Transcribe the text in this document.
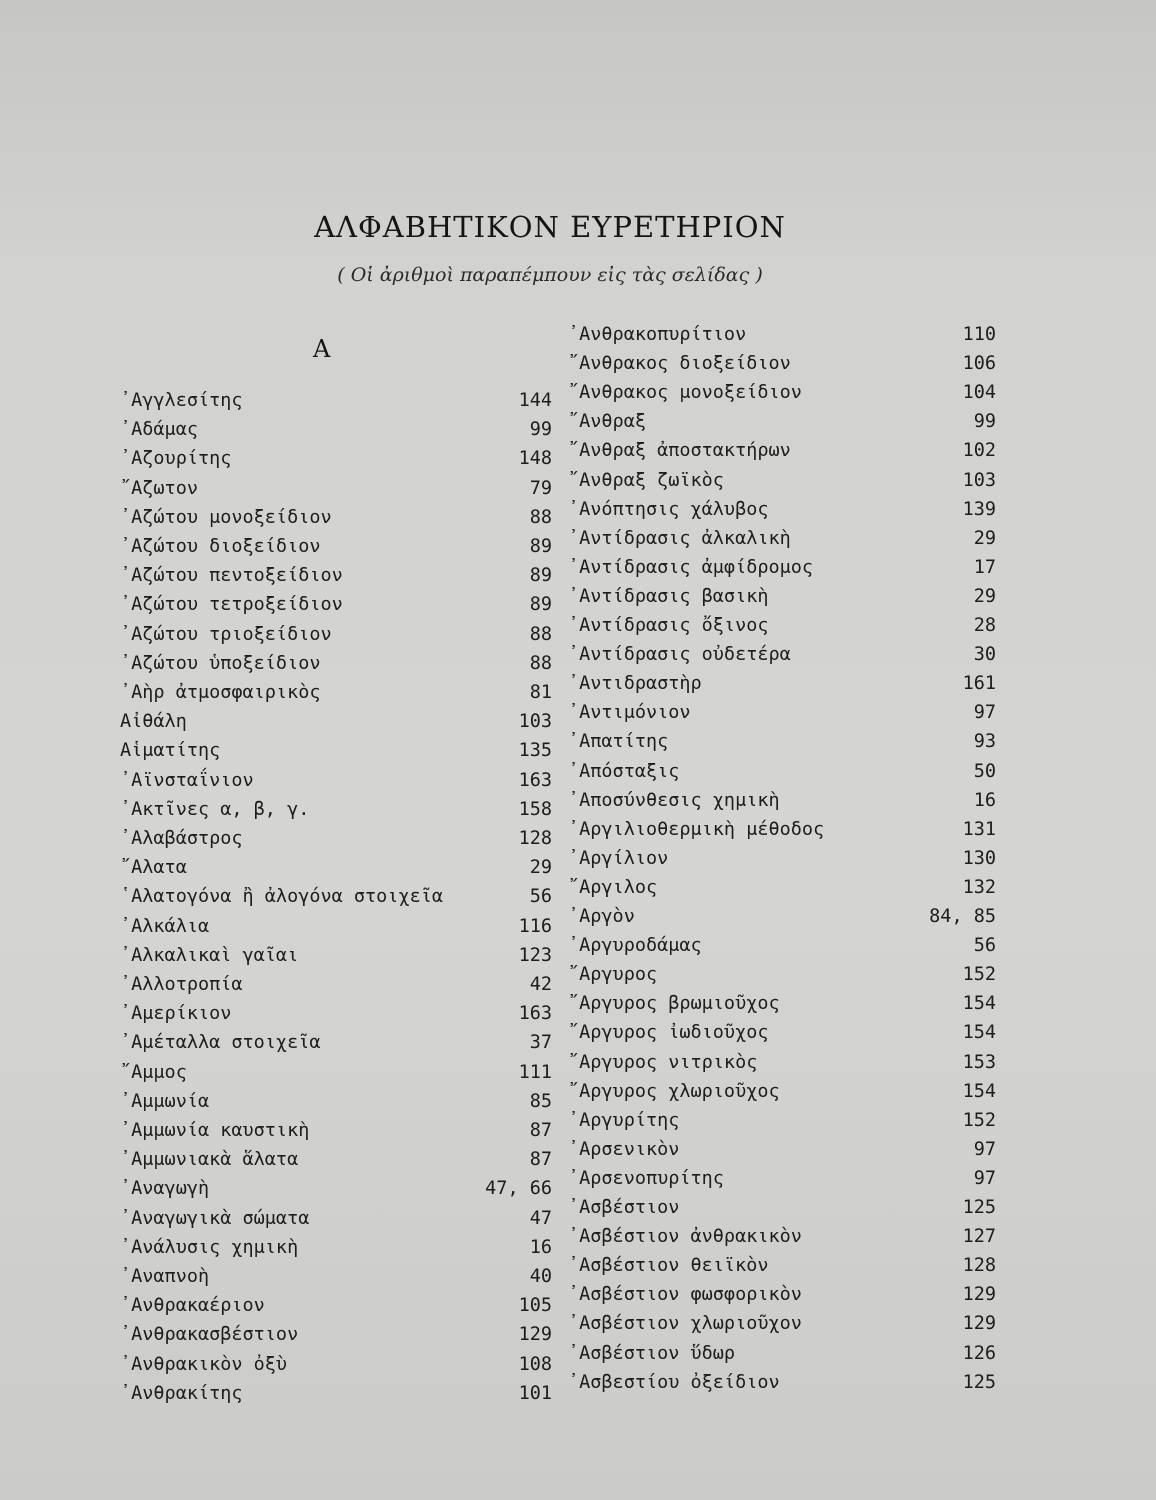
ΑΛΦΑΒΗΤΙΚΟΝ ΕΥΡΕΤΗΡΙΟΝ
( Οἱ ἀριθμοὶ παραπέμπουν εἰς τὰς σελίδας )
Α
᾿Αγγλεσίτης	144
᾿Αδάμας	99
᾿Αζουρίτης	148
῎Αζωτον	79
᾿Αζώτου μονοξείδιον	88
᾿Αζώτου διοξείδιον	89
᾿Αζώτου πεντοξείδιον	89
᾿Αζώτου τετροξείδιον	89
᾿Αζώτου τριοξείδιον	88
᾿Αζώτου ὑποξείδιον	88
᾿Αὴρ ἀτμοσφαιρικὸς	81
Αἰθάλη	103
Αἱματίτης	135
᾿Αϊνσταΐνιον	163
᾿Ακτῖνες α, β, γ.	158
᾿Αλαβάστρος	128
῎Αλατα	29
῾Αλατογόνα ἢ ἀλογόνα στοιχεῖα	56
᾿Αλκάλια	116
᾿Αλκαλικαὶ γαῖαι	123
᾿Αλλοτροπία	42
᾿Αμερίκιον	163
᾿Αμέταλλα στοιχεῖα	37
῎Αμμος	111
᾿Αμμωνία	85
᾿Αμμωνία καυστικὴ	87
᾿Αμμωνιακὰ ἅλατα	87
᾿Αναγωγὴ	47, 66
᾿Αναγωγικὰ σώματα	47
᾿Ανάλυσις χημικὴ	16
᾿Αναπνοὴ	40
᾿Ανθρακαέριον	105
᾿Ανθρακασβέστιον	129
᾿Ανθρακικὸν ὀξὺ	108
᾿Ανθρακίτης	101
᾿Ανθρακοπυρίτιον	110
῎Ανθρακος διοξείδιον	106
῎Ανθρακος μονοξείδιον	104
῎Ανθραξ	99
῎Ανθραξ ἀποστακτήρων	102
῎Ανθραξ ζωϊκὸς	103
᾿Ανόπτησις χάλυβος	139
᾿Αντίδρασις ἀλκαλικὴ	29
᾿Αντίδρασις ἀμφίδρομος	17
᾿Αντίδρασις βασικὴ	29
᾿Αντίδρασις ὄξινος	28
᾿Αντίδρασις οὐδετέρα	30
᾿Αντιδραστὴρ	161
᾿Αντιμόνιον	97
᾿Απατίτης	93
᾿Απόσταξις	50
᾿Αποσύνθεσις χημικὴ	16
᾿Αργιλιοθερμικὴ μέθοδος	131
᾿Αργίλιον	130
῎Αργιλος	132
᾿Αργὸν	84, 85
᾿Αργυροδάμας	56
῎Αργυρος	152
῎Αργυρος βρωμιοῦχος	154
῎Αργυρος ἰωδιοῦχος	154
῎Αργυρος νιτρικὸς	153
῎Αργυρος χλωριοῦχος	154
᾿Αργυρίτης	152
᾿Αρσενικὸν	97
᾿Αρσενοπυρίτης	97
᾿Ασβέστιον	125
᾿Ασβέστιον ἀνθρακικὸν	127
᾿Ασβέστιον θειϊκὸν	128
᾿Ασβέστιον φωσφορικὸν	129
᾿Ασβέστιον χλωριοῦχον	129
᾿Ασβέστιον ὕδωρ	126
᾿Ασβεστίου ὀξείδιον	125
